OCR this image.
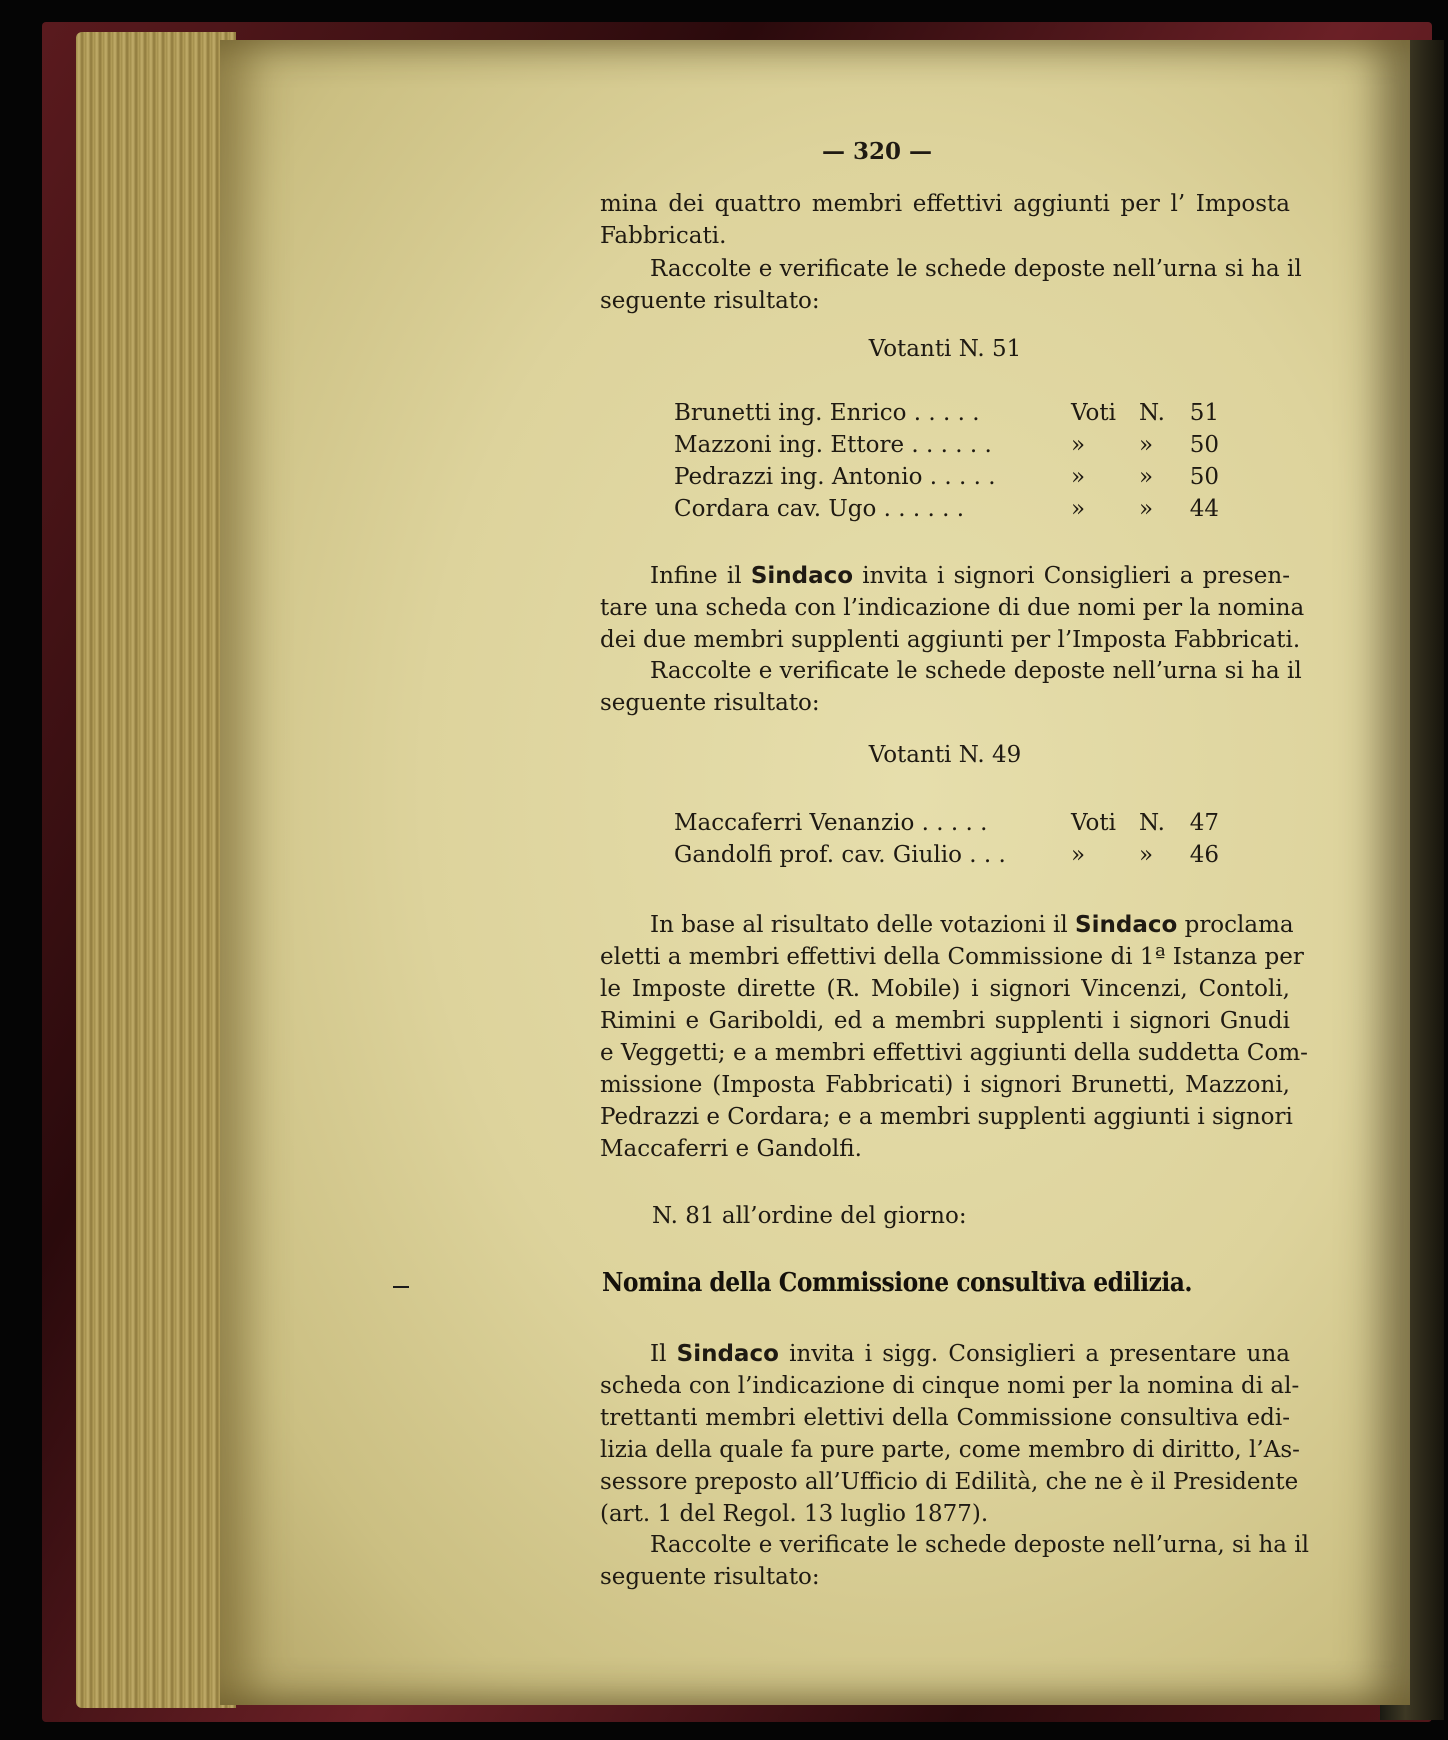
— 320 —
mina dei quattro membri effettivi aggiunti per l’ Imposta
Fabbricati.
Raccolte e verificate le schede deposte nell’urna si ha il
seguente risultato:
Votanti N. 51
Brunetti ing. Enrico . . . . .	Voti	N.	51
Mazzoni ing. Ettore . . . . . .	»	»	50
Pedrazzi ing. Antonio . . . . .	»	»	50
Cordara cav. Ugo . . . . . .	»	»	44
Infine il Sindaco invita i signori Consiglieri a presen-
tare una scheda con l’indicazione di due nomi per la nomina
dei due membri supplenti aggiunti per l’Imposta Fabbricati.
Raccolte e verificate le schede deposte nell’urna si ha il
seguente risultato:
Votanti N. 49
Maccaferri Venanzio . . . . .	Voti	N.	47
Gandolfi prof. cav. Giulio . . .	»	»	46
In base al risultato delle votazioni il Sindaco proclama
eletti a membri effettivi della Commissione di 1ª Istanza per
le Imposte dirette (R. Mobile) i signori Vincenzi, Contoli,
Rimini e Gariboldi, ed a membri supplenti i signori Gnudi
e Veggetti; e a membri effettivi aggiunti della suddetta Com-
missione (Imposta Fabbricati) i signori Brunetti, Mazzoni,
Pedrazzi e Cordara; e a membri supplenti aggiunti i signori
Maccaferri e Gandolfi.
N. 81 all’ordine del giorno:
Nomina della Commissione consultiva edilizia.
Il Sindaco invita i sigg. Consiglieri a presentare una
scheda con l’indicazione di cinque nomi per la nomina di al-
trettanti membri elettivi della Commissione consultiva edi-
lizia della quale fa pure parte, come membro di diritto, l’As-
sessore preposto all’Ufficio di Edilità, che ne è il Presidente
(art. 1 del Regol. 13 luglio 1877).
Raccolte e verificate le schede deposte nell’urna, si ha il
seguente risultato:
